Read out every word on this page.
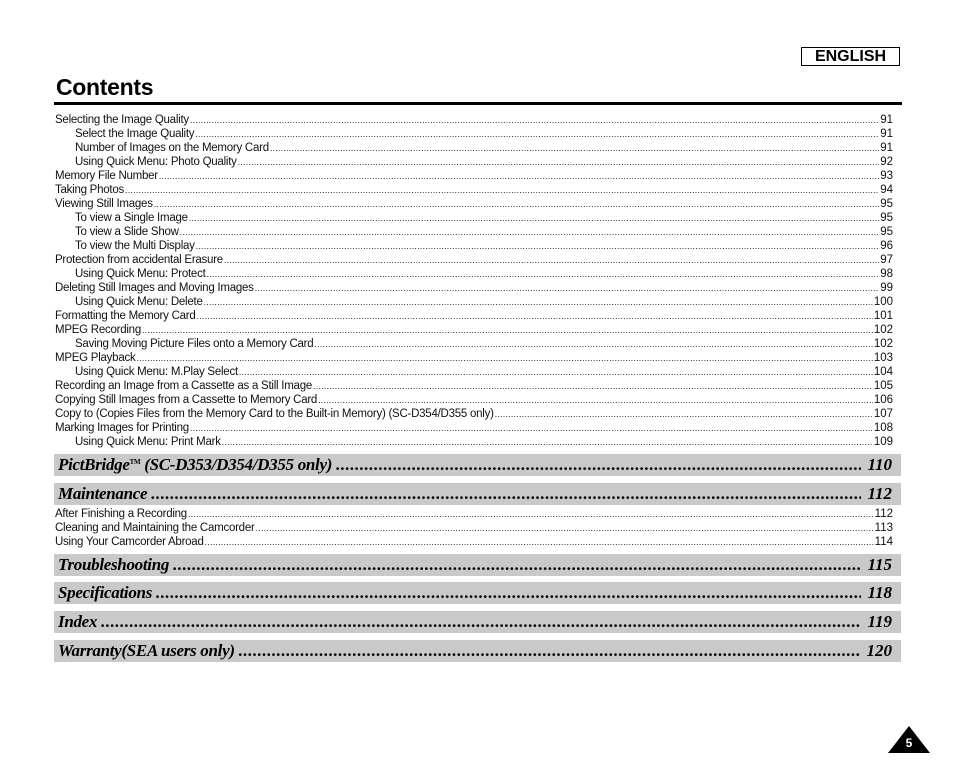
ENGLISH
Contents
Selecting the Image Quality .....	91
Select the Image Quality .....	91
Number of Images on the Memory Card .....	91
Using Quick Menu: Photo Quality .....	92
Memory File Number .....	93
Taking Photos .....	94
Viewing Still Images .....	95
To view a Single Image .....	95
To view a Slide Show .....	95
To view the Multi Display .....	96
Protection from accidental Erasure .....	97
Using Quick Menu: Protect .....	98
Deleting Still Images and Moving Images .....	99
Using Quick Menu: Delete .....	100
Formatting the Memory Card .....	101
MPEG Recording .....	102
Saving Moving Picture Files onto a Memory Card .....	102
MPEG Playback .....	103
Using Quick Menu: M.Play Select .....	104
Recording an Image from a Cassette as a Still Image .....	105
Copying Still Images from a Cassette to Memory Card .....	106
Copy to (Copies Files from the Memory Card to the Built-in Memory) (SC-D354/D355 only) .....	107
Marking Images for Printing .....	108
Using Quick Menu: Print Mark .....	109
PictBridge™ (SC-D353/D354/D355 only) .....	110
Maintenance .....	112
After Finishing a Recording .....	112
Cleaning and Maintaining the Camcorder .....	113
Using Your Camcorder Abroad .....	114
Troubleshooting .....	115
Specifications .....	118
Index .....	119
Warranty(SEA users only) .....	120
5
